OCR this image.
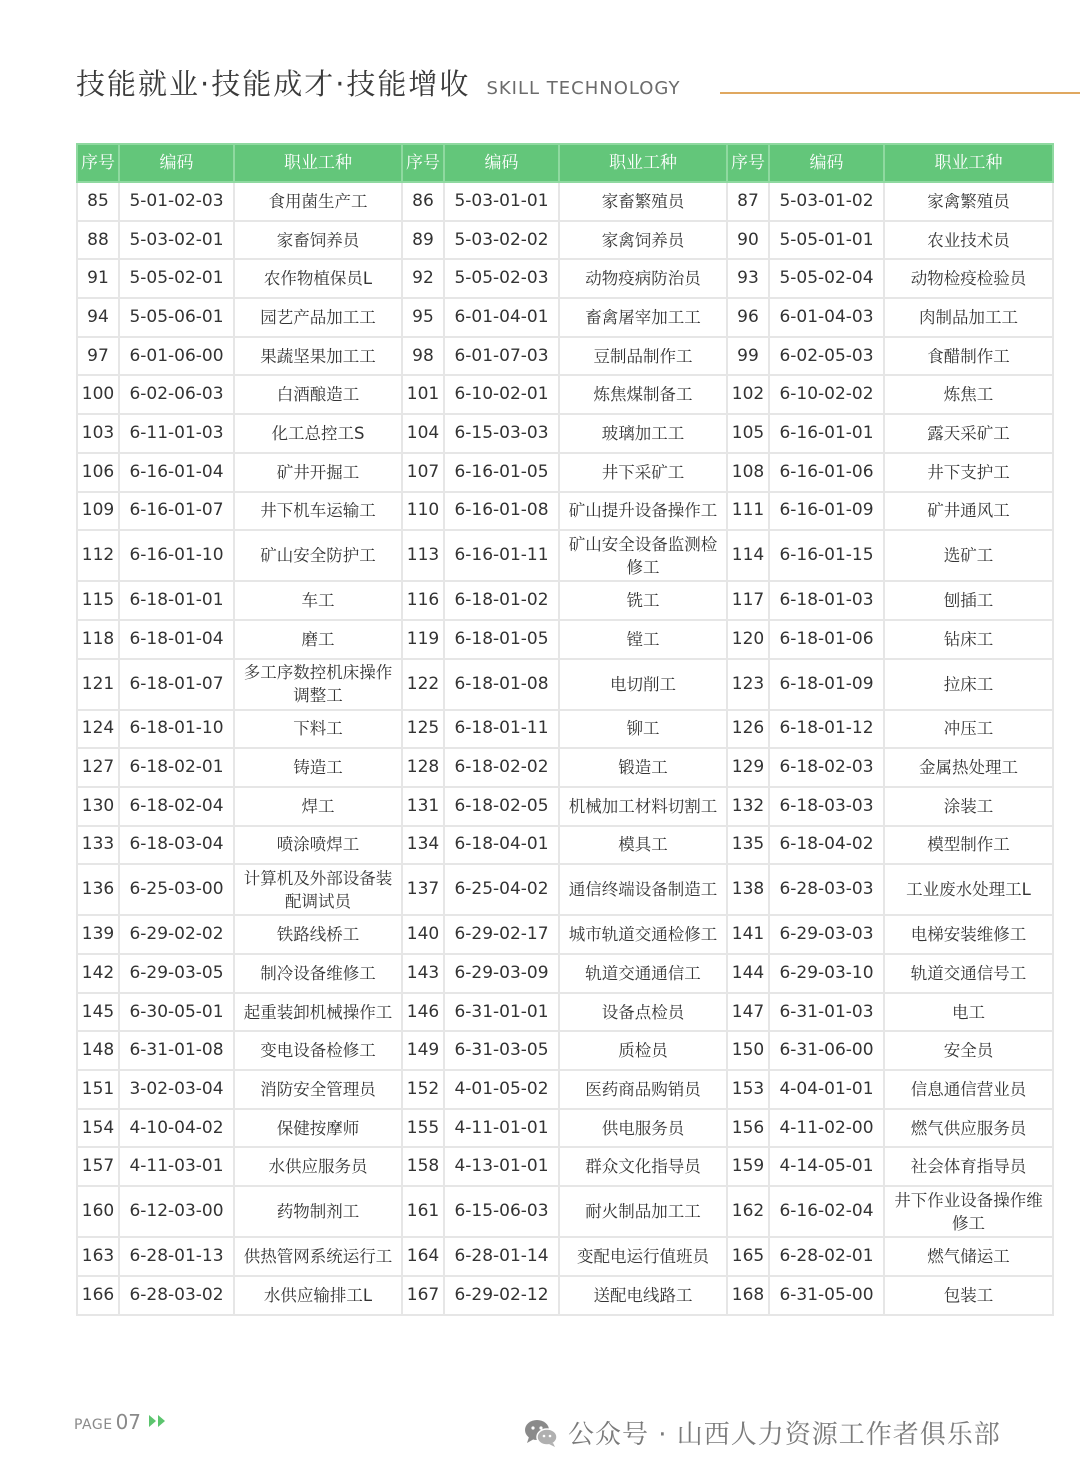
技能就业·技能成才·技能增收 SKILL TECHNOLOGY
序号	编码	职业工种	序号	编码	职业工种	序号	编码	职业工种
85	5-01-02-03	食用菌生产工	86	5-03-01-01	家畜繁殖员	87	5-03-01-02	家禽繁殖员
88	5-03-02-01	家畜饲养员	89	5-03-02-02	家禽饲养员	90	5-05-01-01	农业技术员
91	5-05-02-01	农作物植保员L	92	5-05-02-03	动物疫病防治员	93	5-05-02-04	动物检疫检验员
94	5-05-06-01	园艺产品加工工	95	6-01-04-01	畜禽屠宰加工工	96	6-01-04-03	肉制品加工工
97	6-01-06-00	果蔬坚果加工工	98	6-01-07-03	豆制品制作工	99	6-02-05-03	食醋制作工
100	6-02-06-03	白酒酿造工	101	6-10-02-01	炼焦煤制备工	102	6-10-02-02	炼焦工
103	6-11-01-03	化工总控工S	104	6-15-03-03	玻璃加工工	105	6-16-01-01	露天采矿工
106	6-16-01-04	矿井开掘工	107	6-16-01-05	井下采矿工	108	6-16-01-06	井下支护工
109	6-16-01-07	井下机车运输工	110	6-16-01-08	矿山提升设备操作工	111	6-16-01-09	矿井通风工
112	6-16-01-10	矿山安全防护工	113	6-16-01-11	矿山安全设备监测检修工	114	6-16-01-15	选矿工
115	6-18-01-01	车工	116	6-18-01-02	铣工	117	6-18-01-03	刨插工
118	6-18-01-04	磨工	119	6-18-01-05	镗工	120	6-18-01-06	钻床工
121	6-18-01-07	多工序数控机床操作调整工	122	6-18-01-08	电切削工	123	6-18-01-09	拉床工
124	6-18-01-10	下料工	125	6-18-01-11	铆工	126	6-18-01-12	冲压工
127	6-18-02-01	铸造工	128	6-18-02-02	锻造工	129	6-18-02-03	金属热处理工
130	6-18-02-04	焊工	131	6-18-02-05	机械加工材料切割工	132	6-18-03-03	涂装工
133	6-18-03-04	喷涂喷焊工	134	6-18-04-01	模具工	135	6-18-04-02	模型制作工
136	6-25-03-00	计算机及外部设备装配调试员	137	6-25-04-02	通信终端设备制造工	138	6-28-03-03	工业废水处理工L
139	6-29-02-02	铁路线桥工	140	6-29-02-17	城市轨道交通检修工	141	6-29-03-03	电梯安装维修工
142	6-29-03-05	制冷设备维修工	143	6-29-03-09	轨道交通通信工	144	6-29-03-10	轨道交通信号工
145	6-30-05-01	起重装卸机械操作工	146	6-31-01-01	设备点检员	147	6-31-01-03	电工
148	6-31-01-08	变电设备检修工	149	6-31-03-05	质检员	150	6-31-06-00	安全员
151	3-02-03-04	消防安全管理员	152	4-01-05-02	医药商品购销员	153	4-04-01-01	信息通信营业员
154	4-10-04-02	保健按摩师	155	4-11-01-01	供电服务员	156	4-11-02-00	燃气供应服务员
157	4-11-03-01	水供应服务员	158	4-13-01-01	群众文化指导员	159	4-14-05-01	社会体育指导员
160	6-12-03-00	药物制剂工	161	6-15-06-03	耐火制品加工工	162	6-16-02-04	井下作业设备操作维修工
163	6-28-01-13	供热管网系统运行工	164	6-28-01-14	变配电运行值班员	165	6-28-02-01	燃气储运工
166	6-28-03-02	水供应输排工L	167	6-29-02-12	送配电线路工	168	6-31-05-00	包装工
PAGE 07	公众号 · 山西人力资源工作者俱乐部
